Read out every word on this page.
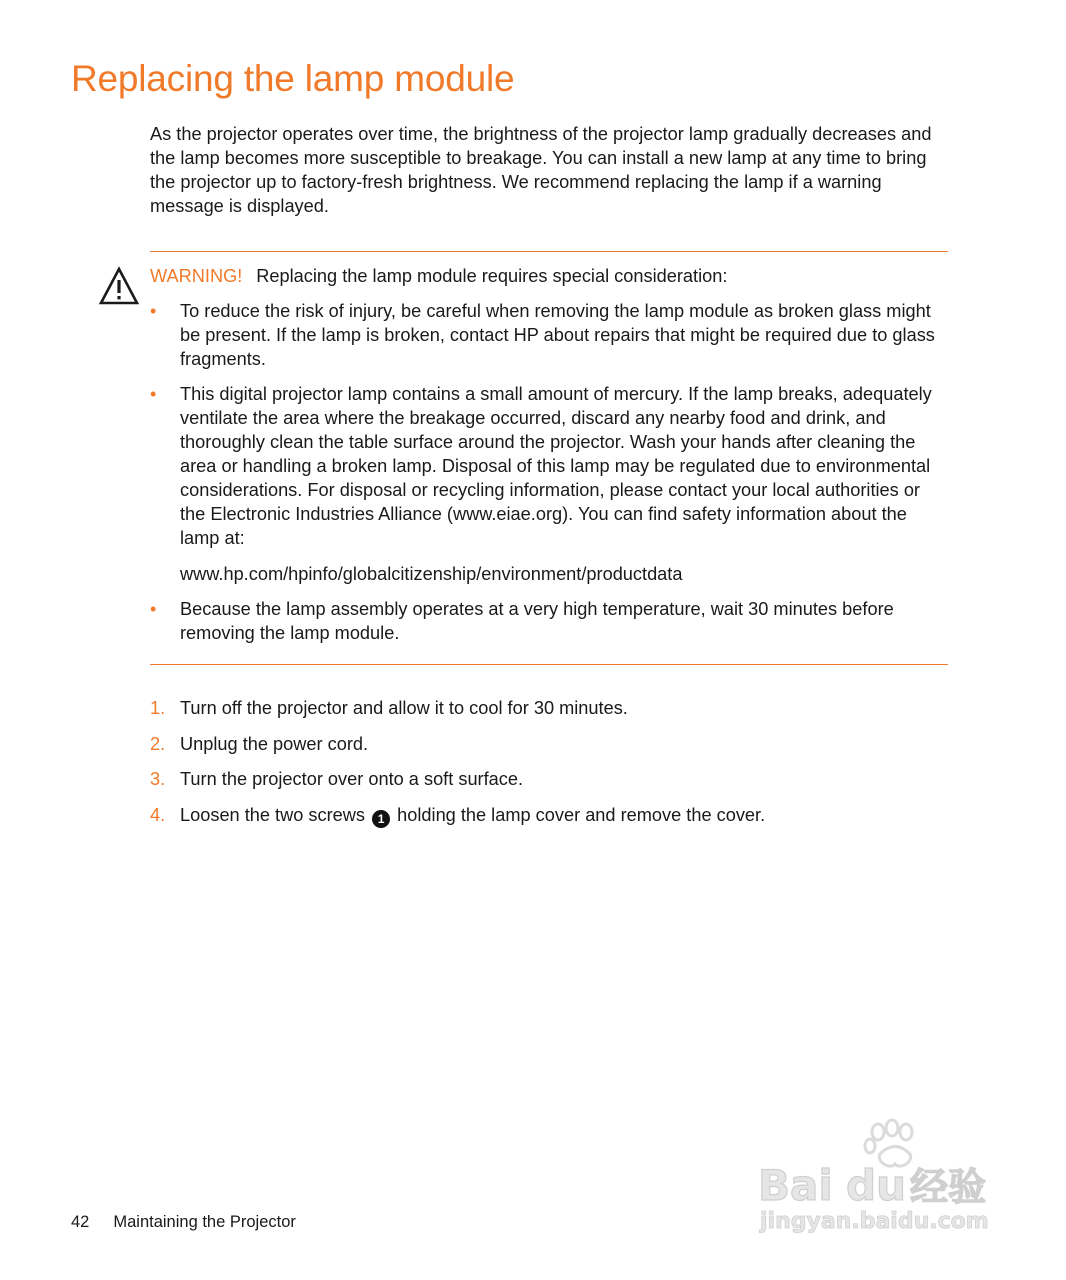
Replacing the lamp module

As the projector operates over time, the brightness of the projector lamp gradually decreases and the lamp becomes more susceptible to breakage. You can install a new lamp at any time to bring the projector up to factory-fresh brightness. We recommend replacing the lamp if a warning message is displayed.

WARNING! Replacing the lamp module requires special consideration:
• To reduce the risk of injury, be careful when removing the lamp module as broken glass might be present. If the lamp is broken, contact HP about repairs that might be required due to glass fragments.
• This digital projector lamp contains a small amount of mercury. If the lamp breaks, adequately ventilate the area where the breakage occurred, discard any nearby food and drink, and thoroughly clean the table surface around the projector. Wash your hands after cleaning the area or handling a broken lamp. Disposal of this lamp may be regulated due to environmental considerations. For disposal or recycling information, please contact your local authorities or the Electronic Industries Alliance (www.eiae.org). You can find safety information about the lamp at:
www.hp.com/hpinfo/globalcitizenship/environment/productdata
• Because the lamp assembly operates at a very high temperature, wait 30 minutes before removing the lamp module.
1. Turn off the projector and allow it to cool for 30 minutes.
2. Unplug the power cord.
3. Turn the projector over onto a soft surface.
4. Loosen the two screws 1 holding the lamp cover and remove the cover.
42 Maintaining the Projector
Bai du 经验
jingyan.baidu.com
